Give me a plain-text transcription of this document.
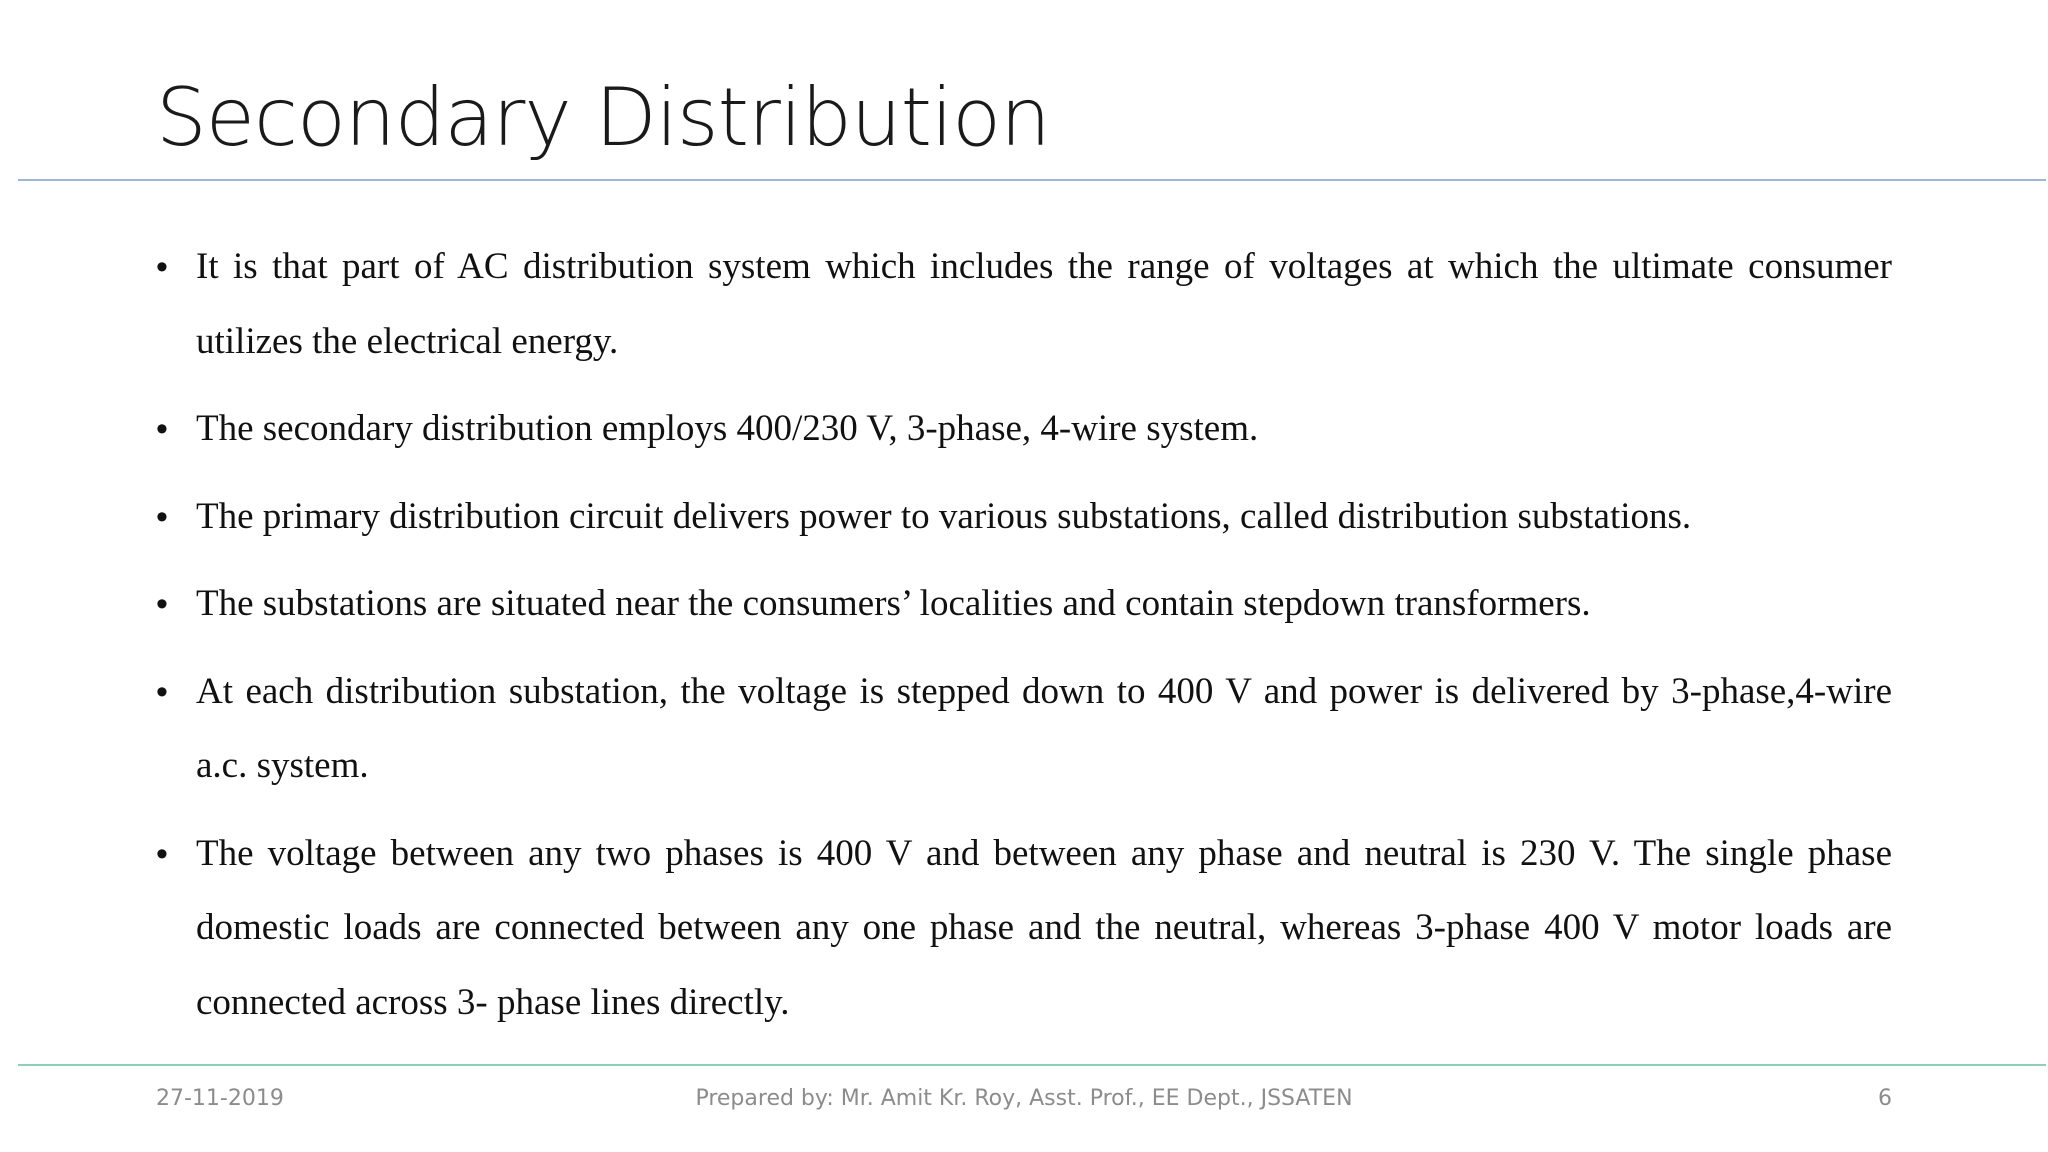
Secondary Distribution
• It is that part of AC distribution system which includes the range of voltages at which the ultimate consumer utilizes the electrical energy.
• The secondary distribution employs 400/230 V, 3-phase, 4-wire system.
• The primary distribution circuit delivers power to various substations, called distribution substations.
• The substations are situated near the consumers’ localities and contain stepdown transformers.
• At each distribution substation, the voltage is stepped down to 400 V and power is delivered by 3-phase,4-wire a.c. system.
• The voltage between any two phases is 400 V and between any phase and neutral is 230 V. The single phase domestic loads are connected between any one phase and the neutral, whereas 3-phase 400 V motor loads are connected across 3- phase lines directly.
27-11-2019	Prepared by: Mr. Amit Kr. Roy, Asst. Prof., EE Dept., JSSATEN	6
